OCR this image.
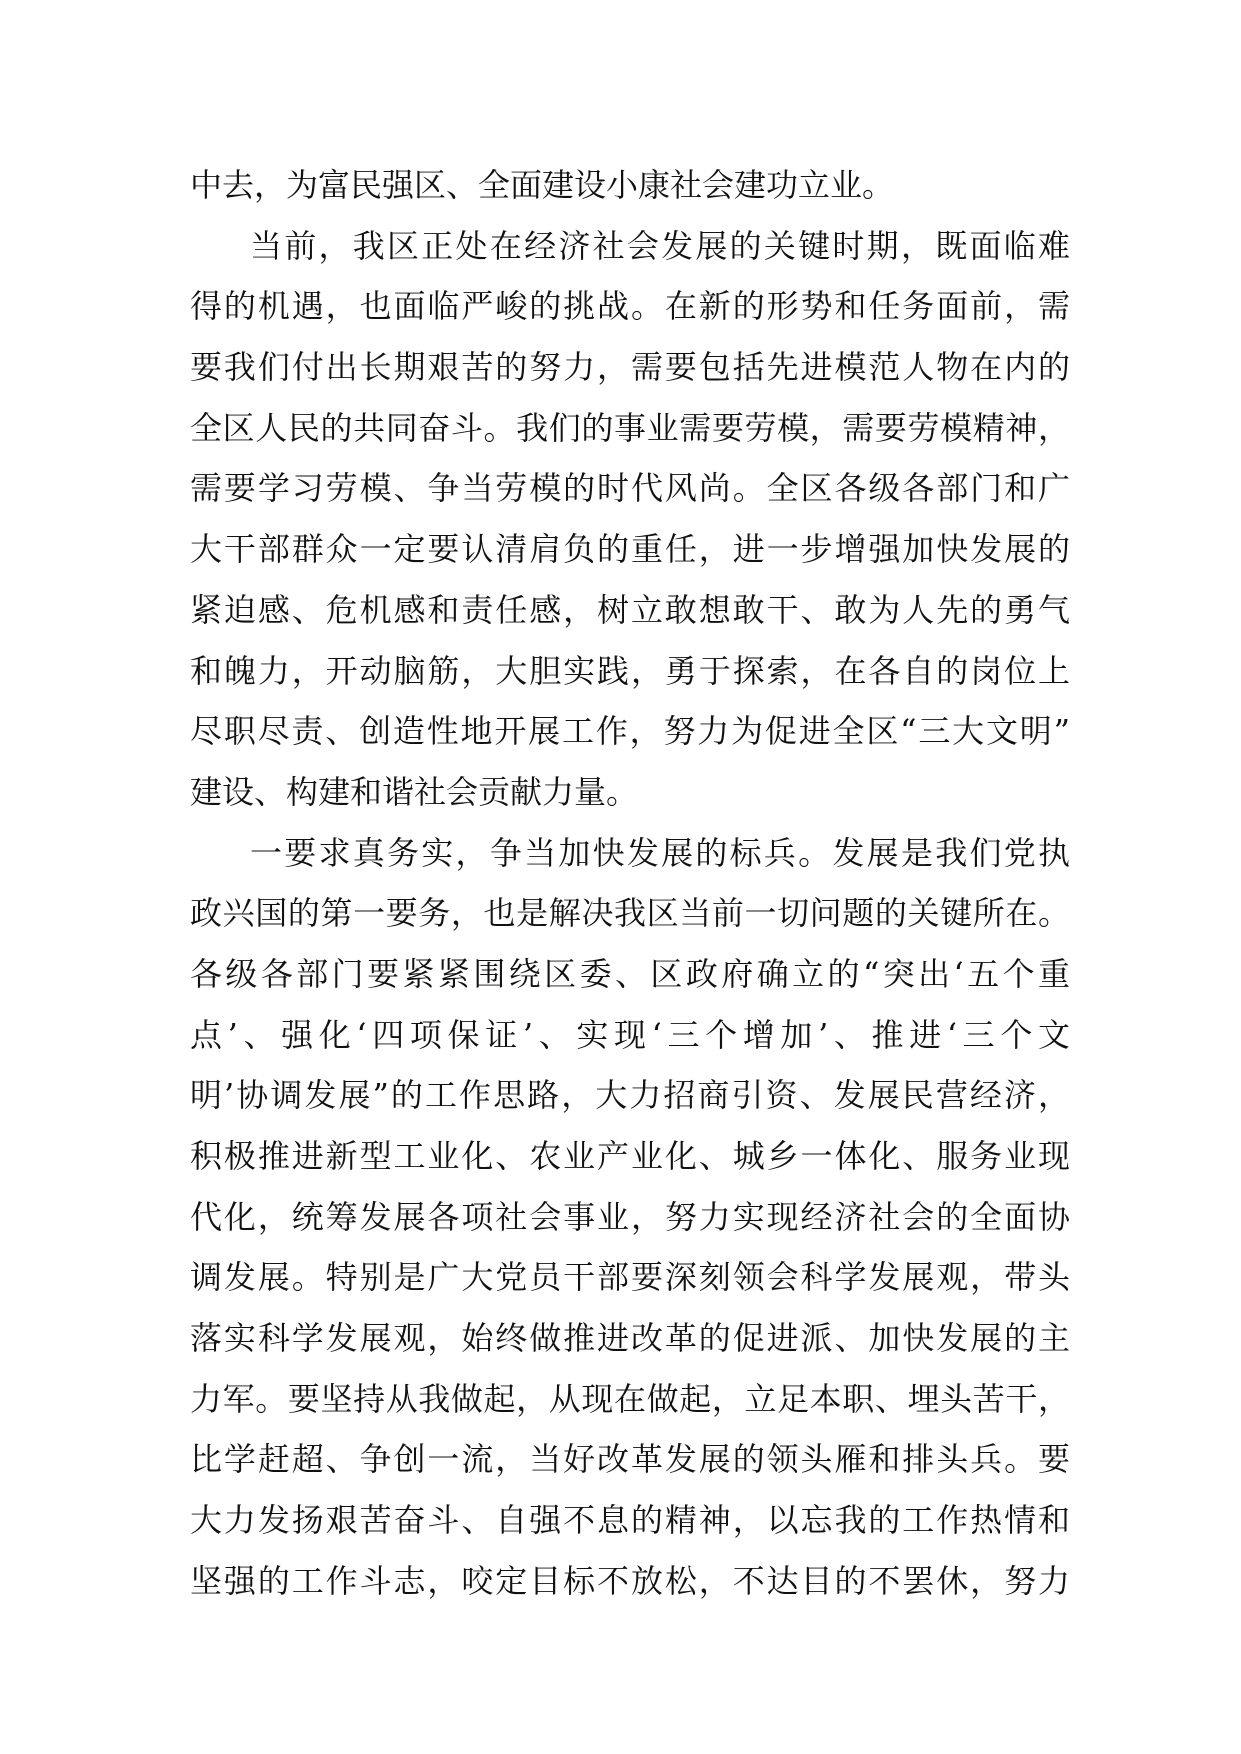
中去，为富民强区、全面建设小康社会建功立业。
当前，我区正处在经济社会发展的关键时期，既面临难
得的机遇，也面临严峻的挑战。在新的形势和任务面前，需
要我们付出长期艰苦的努力，需要包括先进模范人物在内的
全区人民的共同奋斗。我们的事业需要劳模，需要劳模精神，
需要学习劳模、争当劳模的时代风尚。全区各级各部门和广
大干部群众一定要认清肩负的重任，进一步增强加快发展的
紧迫感、危机感和责任感，树立敢想敢干、敢为人先的勇气
和魄力，开动脑筋，大胆实践，勇于探索，在各自的岗位上
尽职尽责、创造性地开展工作，努力为促进全区“三大文明”
建设、构建和谐社会贡献力量。
一要求真务实，争当加快发展的标兵。发展是我们党执
政兴国的第一要务，也是解决我区当前一切问题的关键所在。
各级各部门要紧紧围绕区委、区政府确立的“突出‘五个重
点’、强化‘四项保证’、实现‘三个增加’、推进‘三个文
明’协调发展”的工作思路，大力招商引资、发展民营经济，
积极推进新型工业化、农业产业化、城乡一体化、服务业现
代化，统筹发展各项社会事业，努力实现经济社会的全面协
调发展。特别是广大党员干部要深刻领会科学发展观，带头
落实科学发展观，始终做推进改革的促进派、加快发展的主
力军。要坚持从我做起，从现在做起，立足本职、埋头苦干，
比学赶超、争创一流，当好改革发展的领头雁和排头兵。要
大力发扬艰苦奋斗、自强不息的精神，以忘我的工作热情和
坚强的工作斗志，咬定目标不放松，不达目的不罢休，努力
